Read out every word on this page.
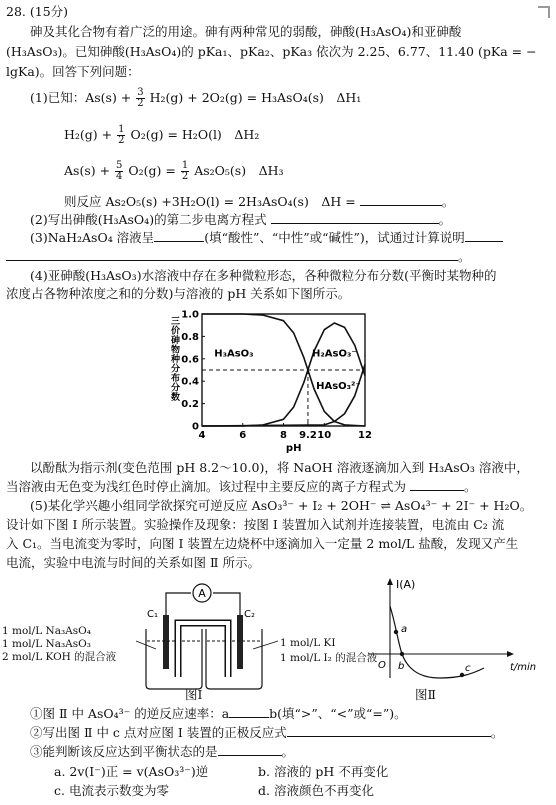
28. (15分)
砷及其化合物有着广泛的用途。砷有两种常见的弱酸，砷酸(H₃AsO₄)和亚砷酸
(H₃AsO₃)。已知砷酸(H₃AsO₄)的 pKa₁、pKa₂、pKa₃ 依次为 2.25、6.77、11.40 (pKa = −
lgKa)。回答下列问题：
(1)已知：$As(s) + \frac{3}{2} H_2(g) + 2O_2(g) = H_3AsO_4(s)$　ΔH₁
$H_2(g) + \frac{1}{2} O_2(g) = H_2O(l)$　ΔH₂
$As(s) + \frac{5}{4} O_2(g) = \frac{1}{2} As_2O_5(s)$　ΔH₃
则反应 As₂O₅(s) +3H₂O(l) = 2H₃AsO₄(s)　ΔH =	。
(2)写出砷酸(H₃AsO₄)的第二步电离方程式	。
(3)NaH₂AsO₄ 溶液呈	(填“酸性”、“中性”或“碱性”)，试通过计算说明
。
(4)亚砷酸(H₃AsO₃)水溶液中存在多种微粒形态，各种微粒分布分数(平衡时某物种的
浓度占各物种浓度之和的分数)与溶液的 pH 关系如下图所示。
4	6	8 9.2 10	12
0
0.2
0.4
0.6
0.8
1.0
pH
三价砷物种分布分数	H₃AsO₃	H₂AsO₃⁻
HAsO₃²⁻
以酚酞为指示剂(变色范围 pH 8.2～10.0)，将 NaOH 溶液逐滴加入到 H₃AsO₃ 溶液中，
当溶液由无色变为浅红色时停止滴加。该过程中主要反应的离子方程式为	。
(5)某化学兴趣小组同学欲探究可逆反应 AsO₃³⁻ + I₂ + 2OH⁻ ⇌ AsO₄³⁻ + 2I⁻ + H₂O。
设计如下图 Ⅰ 所示装置。实验操作及现象：按图 Ⅰ 装置加入试剂并连接装置，电流由 C₂ 流
入 C₁。当电流变为零时，向图 Ⅰ 装置左边烧杯中逐滴加入一定量 2 mol/L 盐酸，发现又产生
电流，实验中电流与时间的关系如图 Ⅱ 所示。
A
C₁	C₂
1 mol/L Na₃AsO₄
1 mol/L Na₃AsO₃
2 mol/L KOH 的混合液
1 mol/L KI
1 mol/L I₂ 的混合液
图Ⅰ
I(A)
t/min
O
a
b	c
图Ⅱ
①图 Ⅱ 中 AsO₄³⁻ 的逆反应速率：a	b(填“>”、“<”或“=”)。
②写出图 Ⅱ 中 c 点对应图 Ⅰ 装置的正极反应式	。
③能判断该反应达到平衡状态的是	。
a. 2v(I⁻)正 = v(AsO₃³⁻)逆	b. 溶液的 pH 不再变化
c. 电流表示数变为零	d. 溶液颜色不再变化
